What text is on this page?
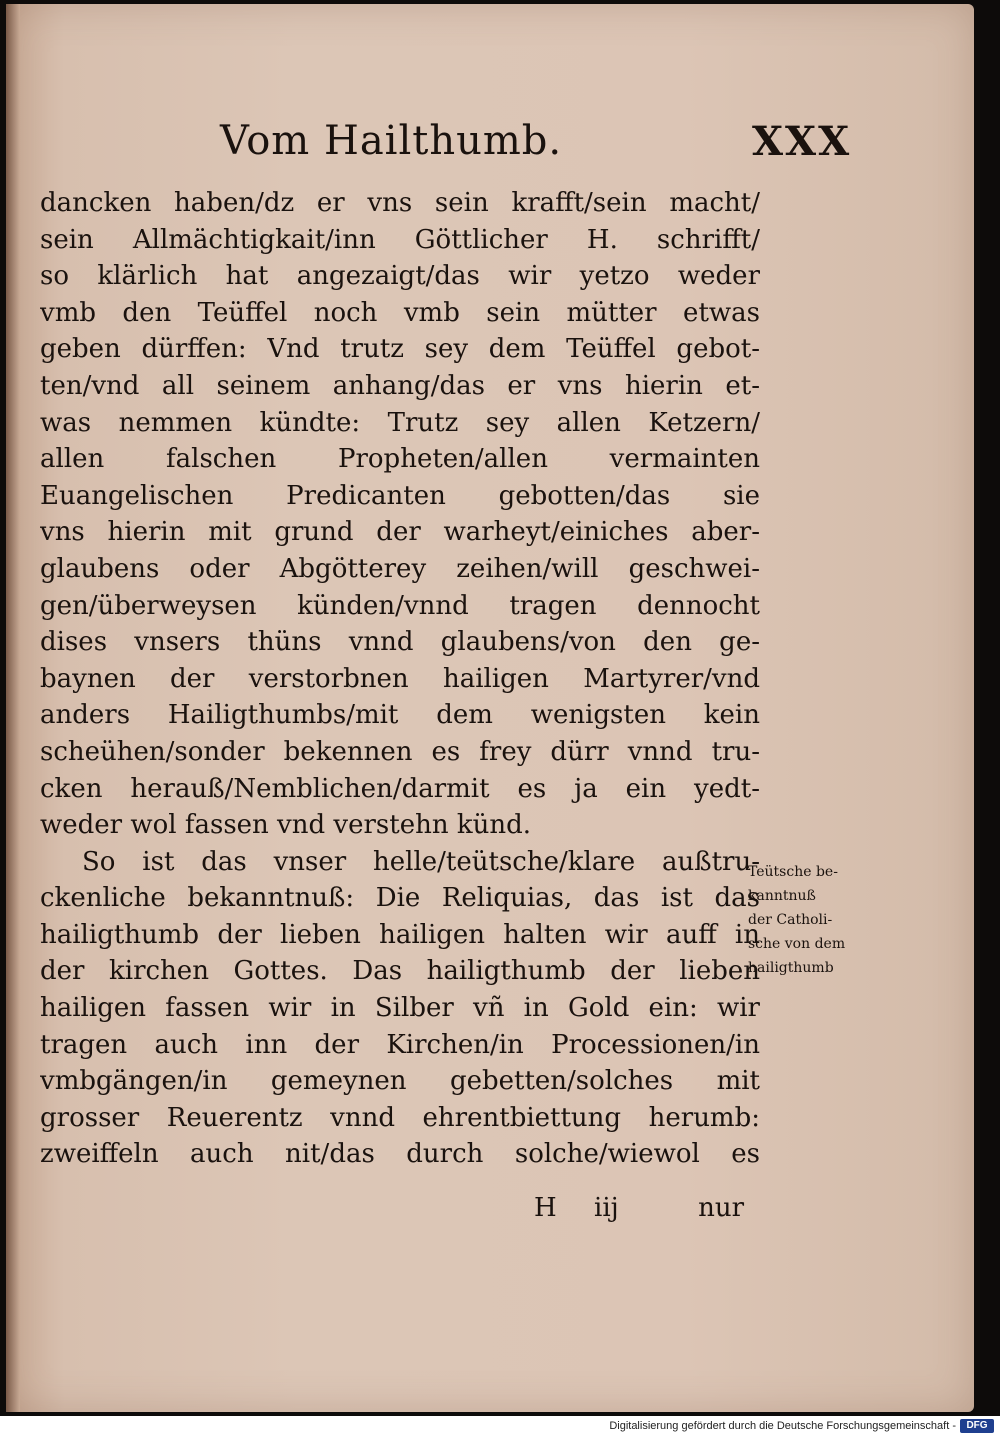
Vom Hailthumb.	XXX
dancken haben/dz er vns sein krafft/sein macht/
sein Allmächtigkait/inn Göttlicher H. schrifft/
so klärlich hat angezaigt/das wir yetzo weder
vmb den Teüffel noch vmb sein mütter etwas
geben dürffen: Vnd trutz sey dem Teüffel gebot-
ten/vnd all seinem anhang/das er vns hierin et-
was nemmen kündte: Trutz sey allen Ketzern/
allen falschen Propheten/allen vermainten
Euangelischen Predicanten gebotten/das sie
vns hierin mit grund der warheyt/einiches aber-
glaubens oder Abgötterey zeihen/will geschwei-
gen/überweysen künden/vnnd tragen dennocht
dises vnsers thüns vnnd glaubens/von den ge-
baynen der verstorbnen hailigen Martyrer/vnd
anders Hailigthumbs/mit dem wenigsten kein
scheühen/sonder bekennen es frey dürr vnnd tru-
cken herauß/Nemblichen/darmit es ja ein yedt-
weder wol fassen vnd verstehn künd.
So ist das vnser helle/teütsche/klare außtru-
ckenliche bekanntnuß: Die Reliquias, das ist das
hailigthumb der lieben hailigen halten wir auff in
der kirchen Gottes. Das hailigthumb der lieben
hailigen fassen wir in Silber vñ in Gold ein: wir
tragen auch inn der Kirchen/in Processionen/in
vmbgängen/in gemeynen gebetten/solches mit
grosser Reuerentz vnnd ehrentbiettung herumb:
zweiffeln auch nit/das durch solche/wiewol es
Teütsche be-
kanntnuß
der Catholi-
sche von dem
hailigthumb
H iij	nur
Digitalisierung gefördert durch die Deutsche Forschungsgemeinschaft -	DFG
